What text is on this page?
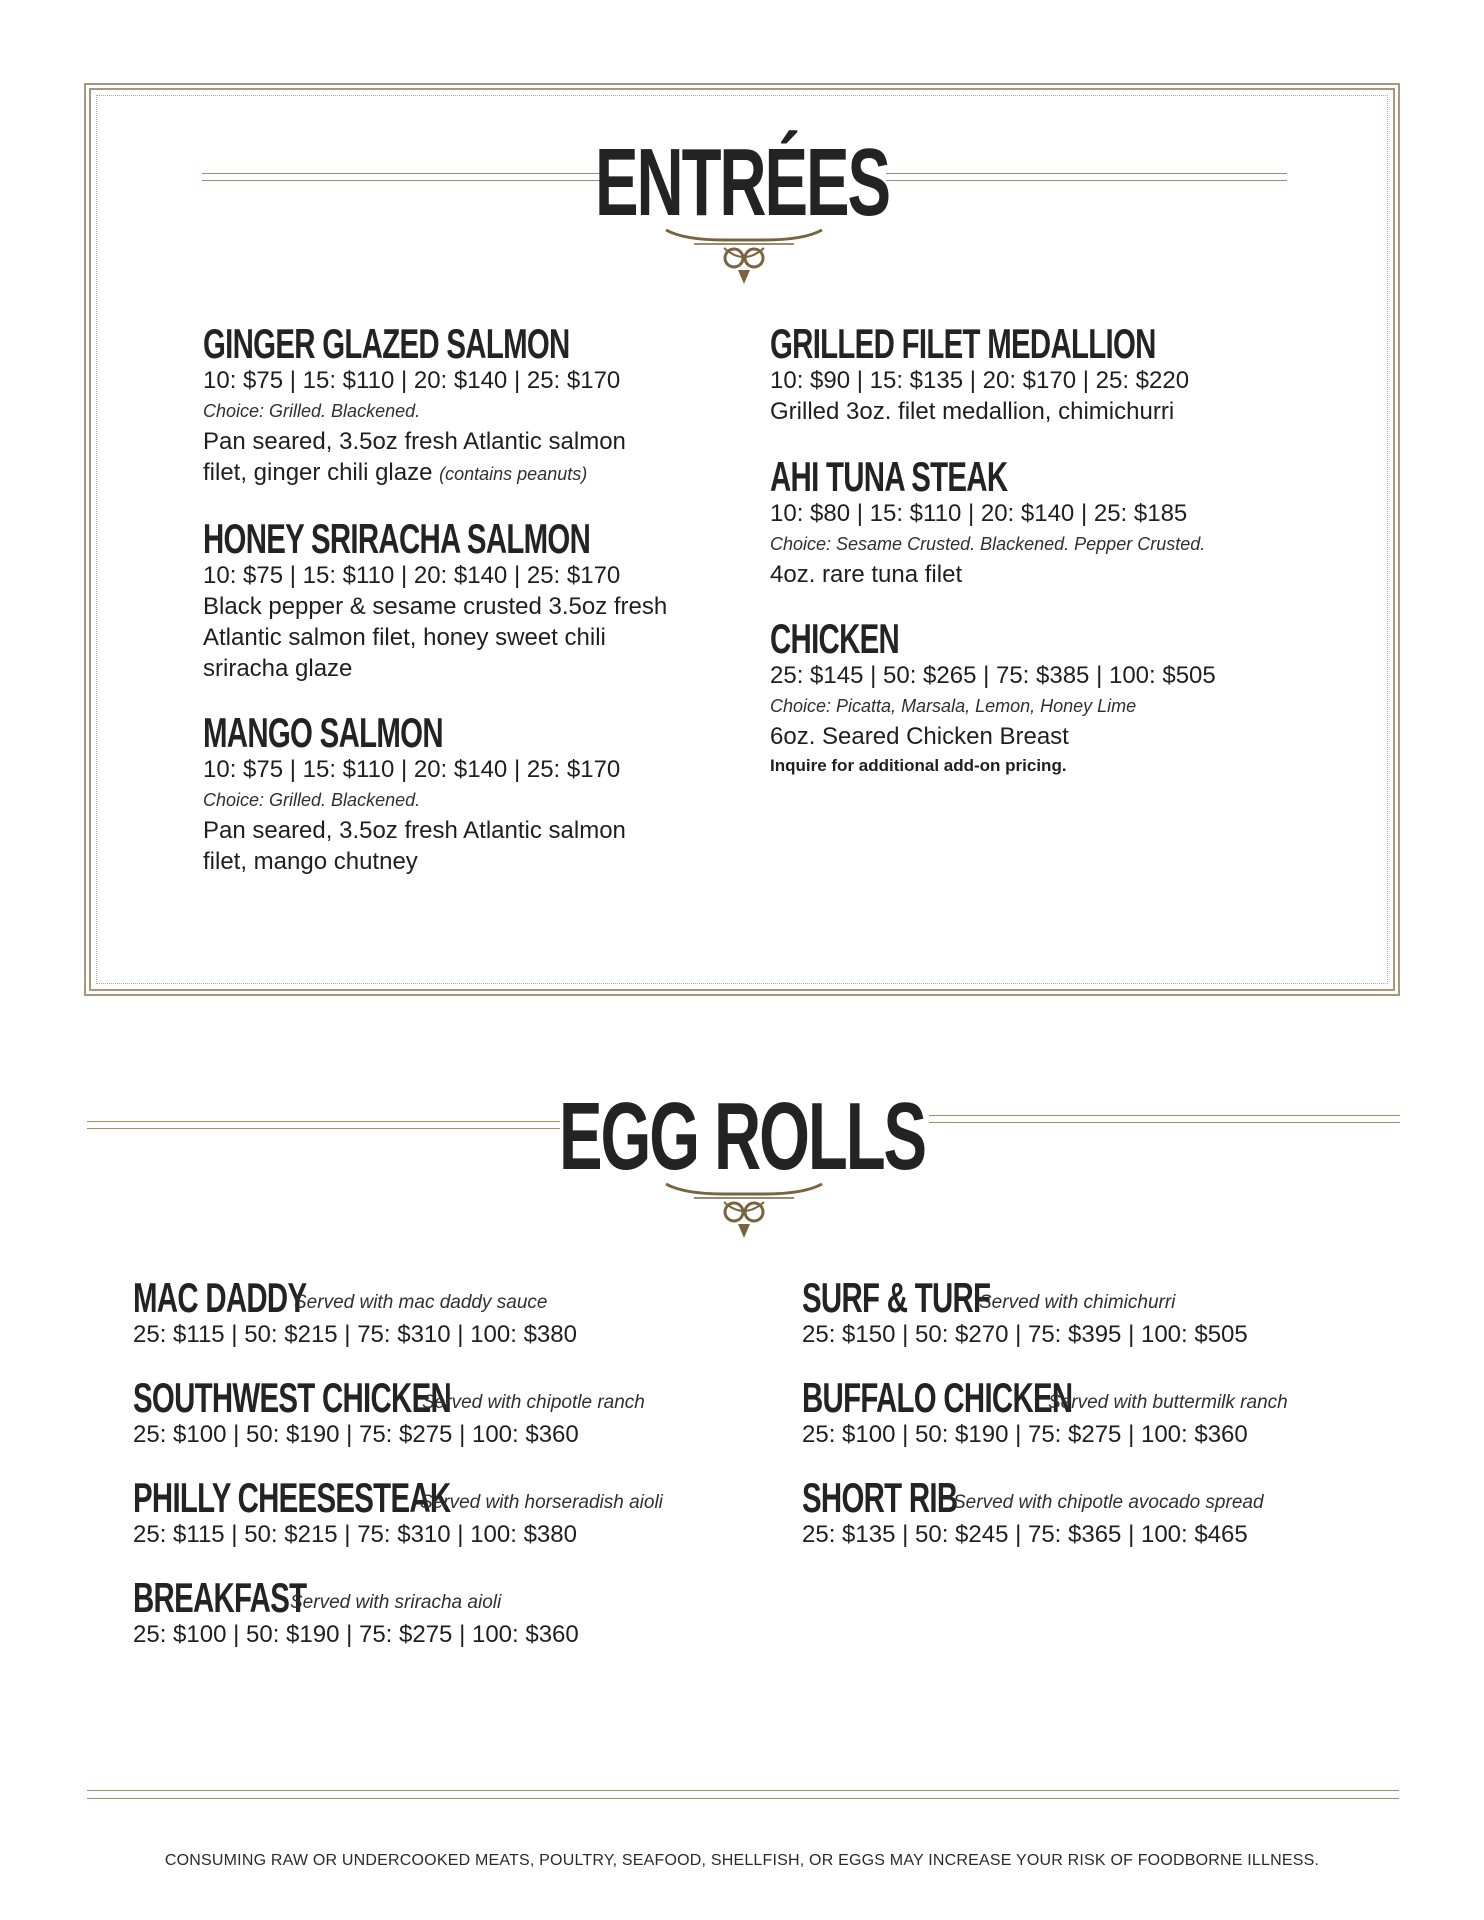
ENTRÉES
GINGER GLAZED SALMON
10: $75 | 15: $110 | 20: $140 | 25: $170
Choice: Grilled. Blackened.
Pan seared, 3.5oz fresh Atlantic salmon
filet, ginger chili glaze (contains peanuts)
HONEY SRIRACHA SALMON
10: $75 | 15: $110 | 20: $140 | 25: $170
Black pepper & sesame crusted 3.5oz fresh
Atlantic salmon filet, honey sweet chili
sriracha glaze
MANGO SALMON
10: $75 | 15: $110 | 20: $140 | 25: $170
Choice: Grilled. Blackened.
Pan seared, 3.5oz fresh Atlantic salmon
filet, mango chutney
GRILLED FILET MEDALLION
10: $90 | 15: $135 | 20: $170 | 25: $220
Grilled 3oz. filet medallion, chimichurri
AHI TUNA STEAK
10: $80 | 15: $110 | 20: $140 | 25: $185
Choice: Sesame Crusted. Blackened. Pepper Crusted.
4oz. rare tuna filet
CHICKEN
25: $145 | 50: $265 | 75: $385 | 100: $505
Choice: Picatta, Marsala, Lemon, Honey Lime
6oz. Seared Chicken Breast
Inquire for additional add-on pricing.
EGG ROLLS
MAC DADDY
Served with mac daddy sauce
25: $115 | 50: $215 | 75: $310 | 100: $380
SOUTHWEST CHICKEN
Served with chipotle ranch
25: $100 | 50: $190 | 75: $275 | 100: $360
PHILLY CHEESESTEAK
Served with horseradish aioli
25: $115 | 50: $215 | 75: $310 | 100: $380
BREAKFAST
Served with sriracha aioli
25: $100 | 50: $190 | 75: $275 | 100: $360
SURF & TURF
Served with chimichurri
25: $150 | 50: $270 | 75: $395 | 100: $505
BUFFALO CHICKEN
Served with buttermilk ranch
25: $100 | 50: $190 | 75: $275 | 100: $360
SHORT RIB
Served with chipotle avocado spread
25: $135 | 50: $245 | 75: $365 | 100: $465
CONSUMING RAW OR UNDERCOOKED MEATS, POULTRY, SEAFOOD, SHELLFISH, OR EGGS MAY INCREASE YOUR RISK OF FOODBORNE ILLNESS.
